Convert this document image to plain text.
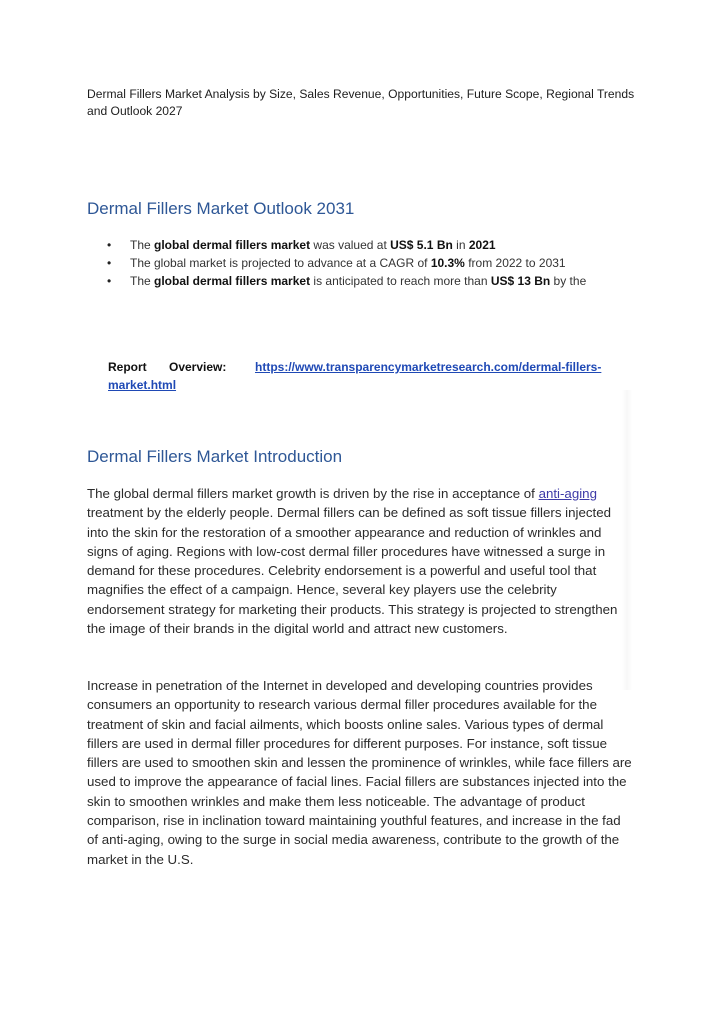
Dermal Fillers Market Analysis by Size, Sales Revenue, Opportunities, Future Scope, Regional Trends and Outlook 2027
Dermal Fillers Market Outlook 2031
• The global dermal fillers market was valued at US$ 5.1 Bn in 2021
• The global market is projected to advance at a CAGR of 10.3% from 2022 to 2031
• The global dermal fillers market is anticipated to reach more than US$ 13 Bn by the
Report Overview: https://www.transparencymarketresearch.com/dermal-fillers-market.html
Dermal Fillers Market Introduction

The global dermal fillers market growth is driven by the rise in acceptance of anti-aging treatment by the elderly people. Dermal fillers can be defined as soft tissue fillers injected into the skin for the restoration of a smoother appearance and reduction of wrinkles and signs of aging. Regions with low-cost dermal filler procedures have witnessed a surge in demand for these procedures. Celebrity endorsement is a powerful and useful tool that magnifies the effect of a campaign. Hence, several key players use the celebrity endorsement strategy for marketing their products. This strategy is projected to strengthen the image of their brands in the digital world and attract new customers.

Increase in penetration of the Internet in developed and developing countries provides consumers an opportunity to research various dermal filler procedures available for the treatment of skin and facial ailments, which boosts online sales. Various types of dermal fillers are used in dermal filler procedures for different purposes. For instance, soft tissue fillers are used to smoothen skin and lessen the prominence of wrinkles, while face fillers are used to improve the appearance of facial lines. Facial fillers are substances injected into the skin to smoothen wrinkles and make them less noticeable. The advantage of product comparison, rise in inclination toward maintaining youthful features, and increase in the fad of anti-aging, owing to the surge in social media awareness, contribute to the growth of the market in the U.S.
